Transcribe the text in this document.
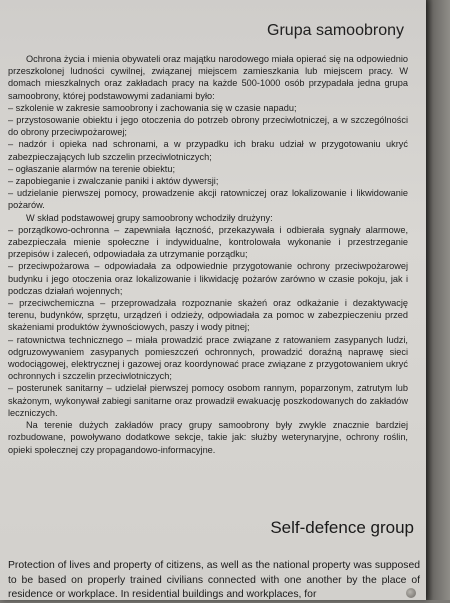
Grupa samoobrony

Ochrona życia i mienia obywateli oraz majątku narodowego miała opierać się na odpowiednio przeszkolonej ludności cywilnej, związanej miejscem zamieszkania lub miejscem pracy. W domach mieszkalnych oraz zakładach pracy na każde 500-1000 osób przypadała jedna grupa samoobrony, której podstawowymi zadaniami było:

– szkolenie w zakresie samoobrony i zachowania się w czasie napadu;

– przystosowanie obiektu i jego otoczenia do potrzeb obrony przeciwlotniczej, a w szczególności do obrony przeciwpożarowej;

– nadzór i opieka nad schronami, a w przypadku ich braku udział w przygotowaniu ukryć zabezpieczających lub szczelin przeciwlotniczych;

– ogłaszanie alarmów na terenie obiektu;

– zapobieganie i zwalczanie paniki i aktów dywersji;

– udzielanie pierwszej pomocy, prowadzenie akcji ratowniczej oraz lokalizowanie i likwidowanie pożarów.

W skład podstawowej grupy samoobrony wchodziły drużyny:

– porządkowo-ochronna – zapewniała łączność, przekazywała i odbierała sygnały alarmowe, zabezpieczała mienie społeczne i indywidualne, kontrolowała wykonanie i przestrzeganie przepisów i zaleceń, odpowiadała za utrzymanie porządku;

– przeciwpożarowa – odpowiadała za odpowiednie przygotowanie ochrony przeciwpożarowej budynku i jego otoczenia oraz lokalizowanie i likwidację pożarów zarówno w czasie pokoju, jak i podczas działań wojennych;

– przeciwchemiczna – przeprowadzała rozpoznanie skażeń oraz odkażanie i dezaktywację terenu, budynków, sprzętu, urządzeń i odzieży, odpowiadała za pomoc w zabezpieczeniu przed skażeniami produktów żywnościowych, paszy i wody pitnej;

– ratownictwa technicznego – miała prowadzić prace związane z ratowaniem zasypanych ludzi, odgruzowywaniem zasypanych pomieszczeń ochronnych, prowadzić doraźną naprawę sieci wodociągowej, elektrycznej i gazowej oraz koordynować prace związane z przygotowaniem ukryć ochronnych i szczelin przeciwlotniczych;

– posterunek sanitarny – udzielał pierwszej pomocy osobom rannym, poparzonym, zatrutym lub skażonym, wykonywał zabiegi sanitarne oraz prowadził ewakuację poszkodowanych do zakładów leczniczych.

Na terenie dużych zakładów pracy grupy samoobrony były zwykle znacznie bardziej rozbudowane, powoływano dodatkowe sekcje, takie jak: służby weterynaryjne, ochrony roślin, opieki społecznej czy propagandowo-informacyjne.

Self-defence group

Protection of lives and property of citizens, as well as the national property was supposed to be based on properly trained civilians connected with one another by the place of residence or workplace. In residential buildings and workplaces, for
